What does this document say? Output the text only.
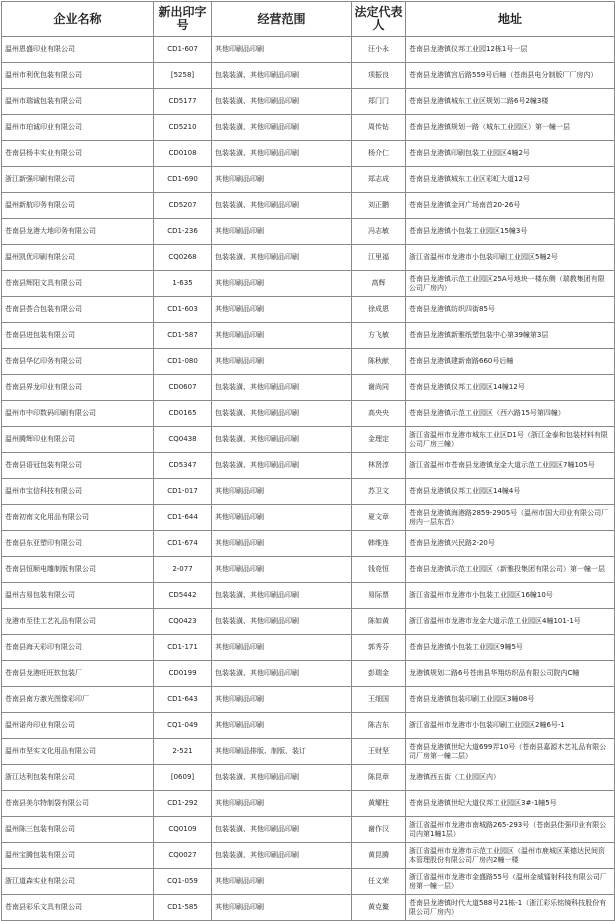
企业名称	新出印字号	经营范围	法定代表人	地址
温州恩盛印业有限公司	CD1-607	其他印刷品印刷	汪小永	苍南县龙港镇仪邦工业园12栋1号一层
温州市利优包装有限公司	[5258]	包装装潢、其他印刷品印刷	项振良	苍南县龙港镇宫后路559号后幢（苍南县电分制版厂厂房内）
温州市瑞诚包装有限公司	CD5177	包装装潢、其他印刷品印刷	郑门门	苍南县龙港镇城东工业区规划二路6号2幢3楼
温州市珀诚印业有限公司	CD5210	包装装潢、其他印刷品印刷	周传钻	苍南县龙港镇规划一路（城东工业园区）第一幢一层
苍南县杨丰实业有限公司	CD0108	包装装潢、其他印刷品印刷	杨介仁	苍南县龙港镇印刷包装工业园区4幢2号
浙江新强印刷有限公司	CD1-690	其他印刷品印刷	郑志成	苍南县龙港镇城东工业区彩虹大道12号
温州新航印务有限公司	CD5207	包装装潢、其他印刷品印刷	刘正鹏	苍南县龙港镇金河广场南首20-26号
苍南县龙港大地印务有限公司	CD1-236	其他印刷品印刷	冯志敏	苍南县龙港镇小包装工业园区15幢3号
温州凯优印刷有限公司	CQ0268	包装装潢、其他印刷品印刷	江里福	浙江省温州市龙港市小包装印刷工业园区5幢2号
苍南县辉阳文具有限公司	1-635	其他印刷品印刷	高辉	苍南县龙港镇示范工业园区25A号地块一楼东侧（瑞教集团有限公司厂房内）
苍南县荟合包装有限公司	CD1-603	其他印刷品印刷	徐成恩	苍南县龙港镇纺织四街85号
苍南县进包装有限公司	CD1-587	其他印刷品印刷	方飞敏	苍南县龙港镇新雅纸塑包装中心第39幢第3层
苍南县华亿印务有限公司	CD1-080	其他印刷品印刷	陈秋献	苍南县龙港镇建新南路660号后幢
苍南县界龙印业有限公司	CD0607	包装装潢、其他印刷品印刷	谢尚同	苍南县龙港镇仪邦工业园区14幢12号
温州市中印数码印刷有限公司	CD0165	包装装潢、其他印刷品印刷	高央央	苍南县龙港镇示范工业园区（西六路15号第四幢）
温州腾辉印业有限公司	CQ0438	包装装潢、其他印刷品印刷	金理定	浙江省温州市龙港市城东工业区D1号（浙江金泰和包装材料有限公司厂房三幢）
苍南县语冠包装有限公司	CD5347	包装装潢、其他印刷品印刷	林贤淳	浙江省温州市苍南县龙港镇龙金大道示范工业园区7幢105号
温州市宝信科技有限公司	CD1-017	其他印刷品印刷	苏卫文	苍南县龙港镇仪邦工业园区14幢4号
苍南初南文化用品有限公司	CD1-644	其他印刷品印刷	夏文章	苍南县龙港镇海港路2859-2905号（温州市国大印业有限公司厂房内一层东首）
苍南县东亚塑印有限公司	CD1-674	其他印刷品印刷	韩维连	苍南县龙港镇兴民路2-20号
苍南县恒顺电雕制版有限公司	2-077	其他印刷品印刷	钱竞恒	苍南县龙港镇示范工业园区（新雅投集团有限公司）第一幢一层
温州吉易包装有限公司	CD5442	包装装潢、其他印刷品印刷	易际票	浙江省温州市龙港市小包装工业园区16幢10号
龙港市至佳工艺礼品有限公司	CQ0423	包装装潢、其他印刷品印刷	陈如黄	浙江省温州市龙港市龙金大道示范工业园区4幢101-1号
苍南县海天彩印有限公司	CD1-171	其他印刷品印刷	郭秀芬	苍南县龙港镇小包装工业园区9幢5号
苍南县龙港旺旺软包装厂	CD0199	包装装潢、其他印刷品印刷	彭瑞金	龙港镇规划二路6号苍南县华翔纺织品有限公司院内C幢
苍南县南方激光图像彩印厂	CD1-643	其他印刷品印刷	王细国	苍南县龙港镇包装印刷工业园区3幢08号
温州诺舟印业有限公司	CQ1-049	其他印刷品印刷	陈吉东	浙江省温州市龙港市小包装印刷工业园区2幢6号-1
温州市坚实文化用品有限公司	2-521	其他印刷品排版、制版、装订	王财坚	苍南县龙港镇世纪大道699弄10号（苍南县嘉源木艺礼品有限公司厂房第一幢二层）
浙江达利包装有限公司	[0609]	包装装潢、其他印刷品印刷	陈昆章	龙港镇西五街（工业园区内）
苍南县美尔特制袋有限公司	CD1-292	其他印刷品印刷	黄耀柱	苍南县龙港镇世纪大道仪邦工业园区3#-1幢5号
温州陈三包装有限公司	CQ0109	包装装潢、其他印刷品印刷	谢作汉	浙江省温州市龙港市南城路265-293号（苍南县佳强印业有限公司内第1幢1层）
温州宝腾包装有限公司	CQ0027	包装装潢、其他印刷品印刷	黄昆腾	浙江省温州市龙港市示范工业园区（温州市鹿城区莱德达民间资本管理股份有限公司厂房内2幢一楼
浙江道森实业有限公司	CQ1-059	其他印刷品印刷	任义荣	浙江省温州市龙港市金盛路55号（温州金威镭射科技有限公司厂房第一幢一层）
苍南县彩乐文具有限公司	CD1-585	其他印刷品印刷	黄克鳌	苍南县龙港镇时代大道588号21栋-1（浙江彩乐铭镜科技股份有限公司厂房内）
